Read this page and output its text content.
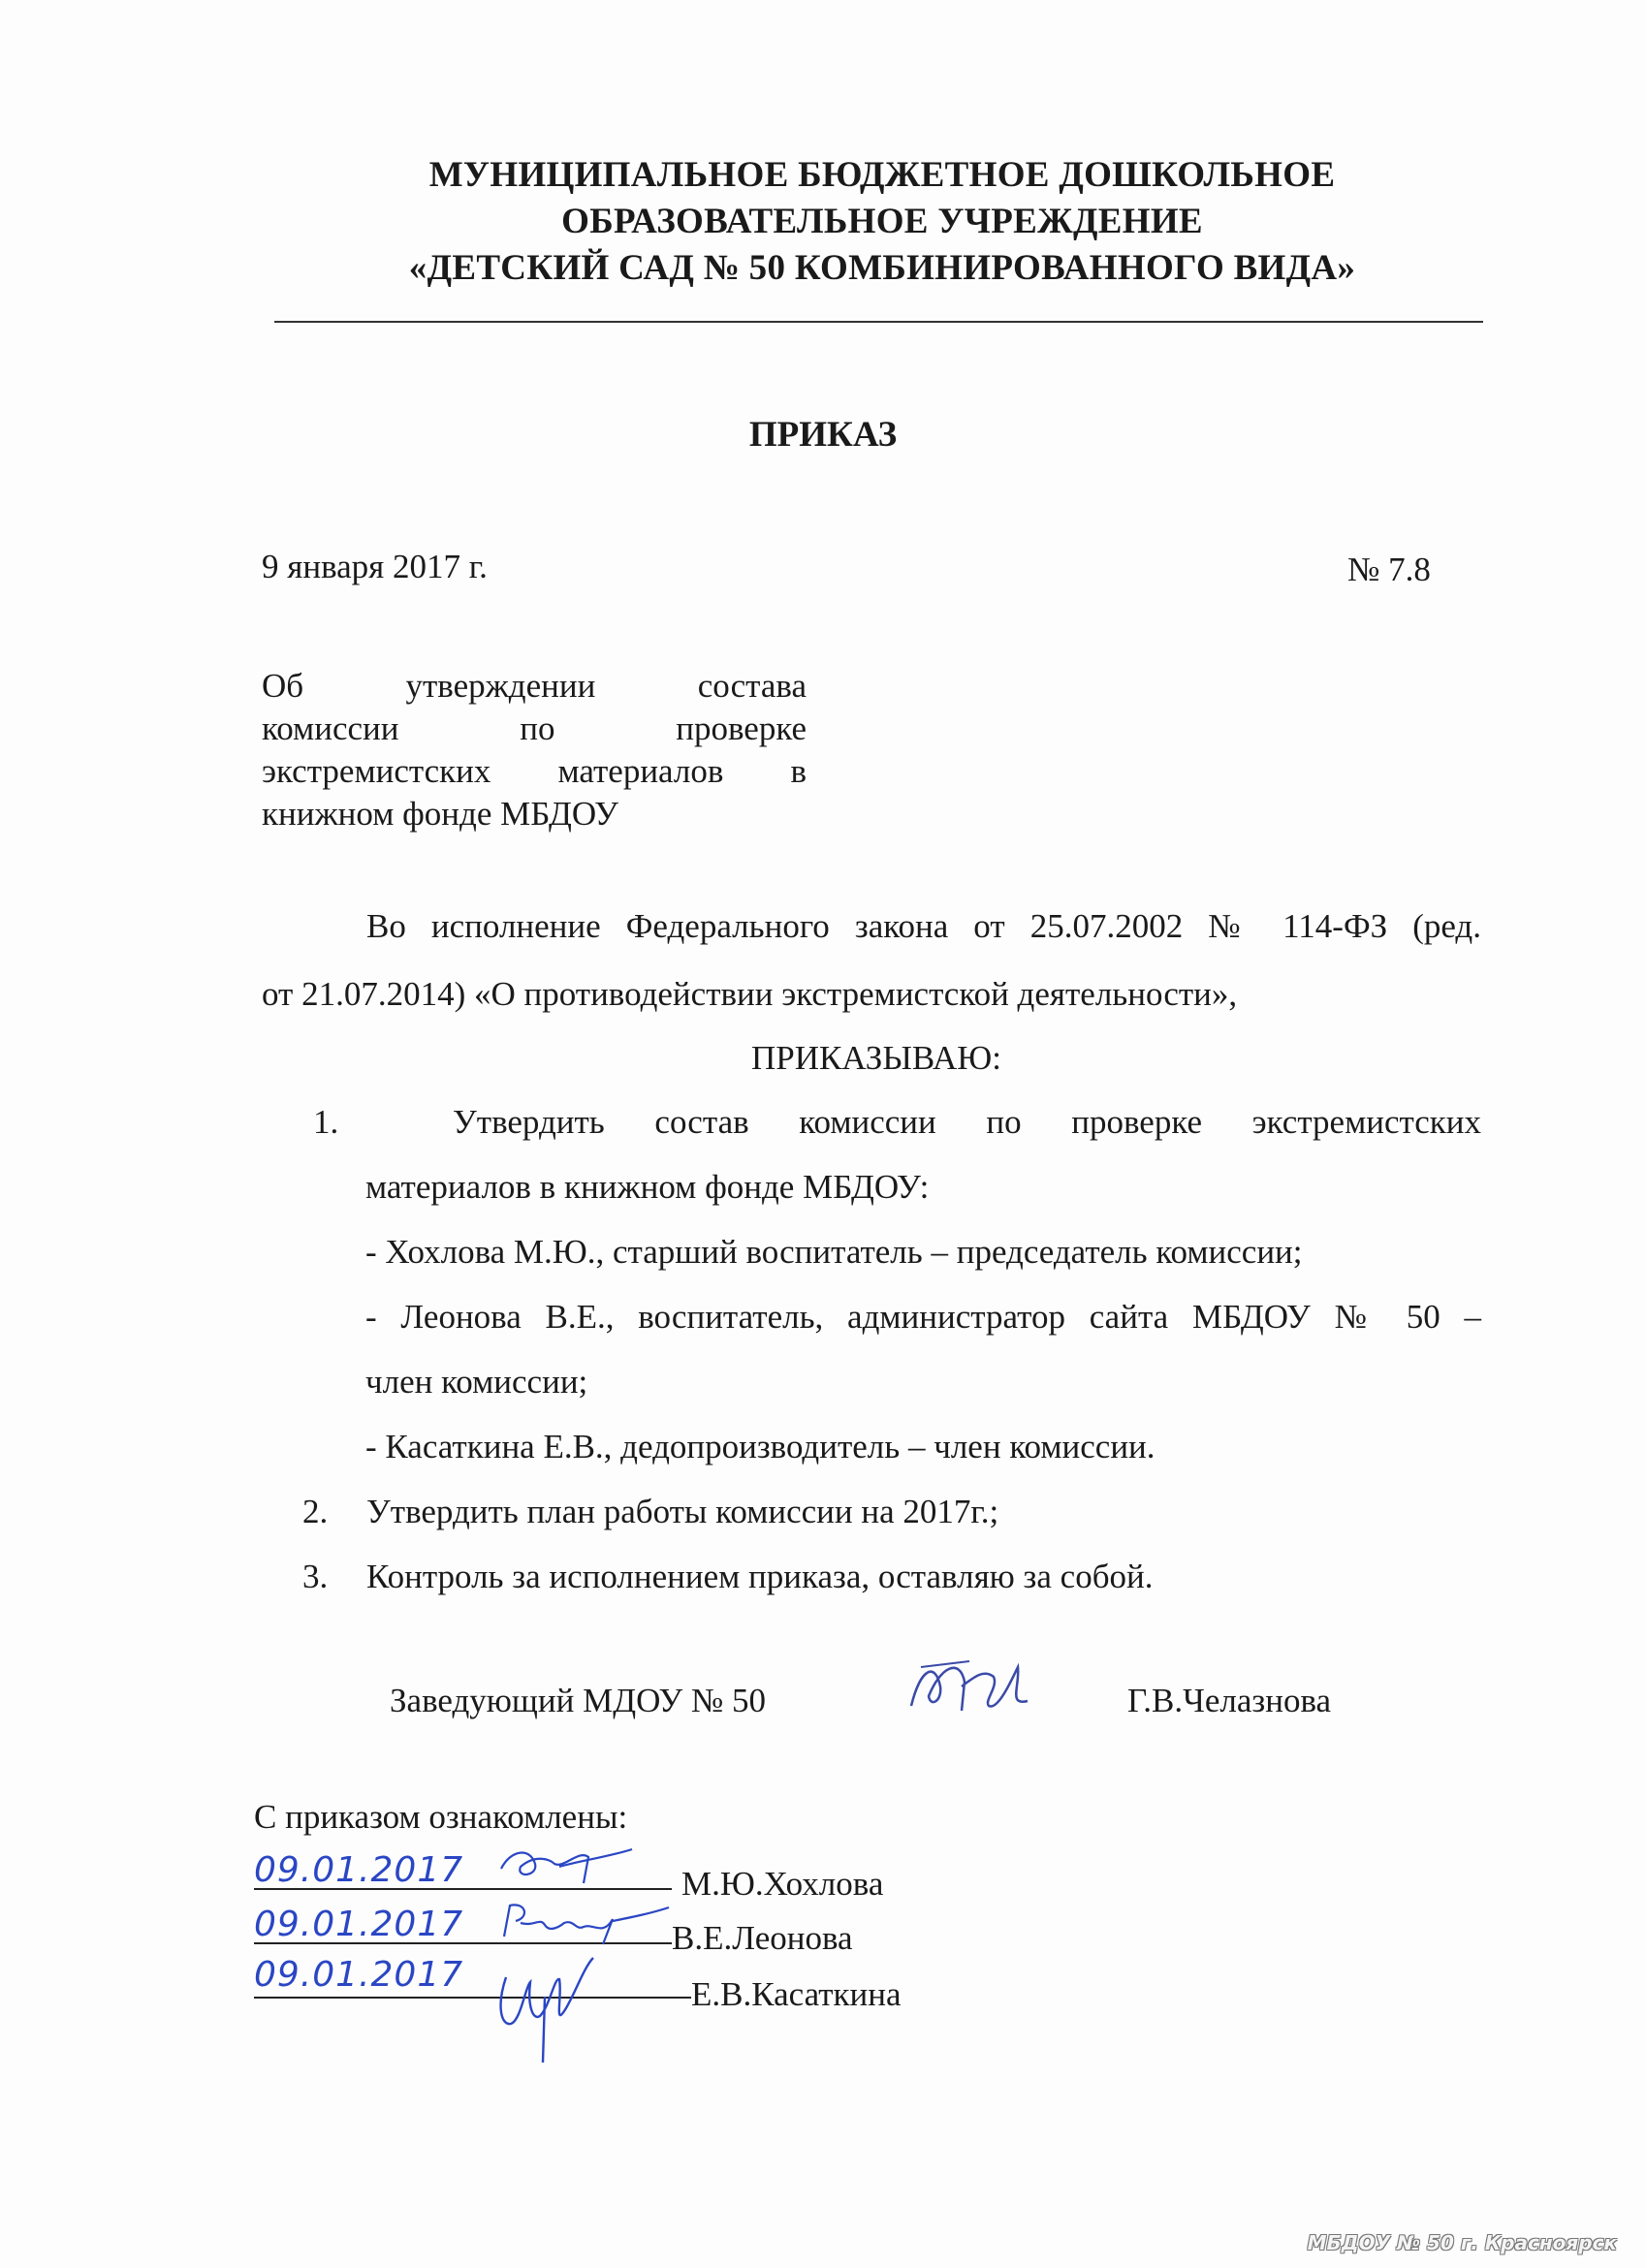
МУНИЦИПАЛЬНОЕ БЮДЖЕТНОЕ ДОШКОЛЬНОЕ
ОБРАЗОВАТЕЛЬНОЕ УЧРЕЖДЕНИЕ
«ДЕТСКИЙ САД № 50 КОМБИНИРОВАННОГО ВИДА»
ПРИКАЗ
9 января 2017 г.	№ 7.8
Об	утверждении	состава
комиссии	по	проверке
экстремистских материалов в
книжном фонде МБДОУ
Во исполнение Федерального закона от 25.07.2002 № 114-ФЗ (ред.
от 21.07.2014) «О противодействии экстремистской деятельности»,
ПРИКАЗЫВАЮ:
1.	Утвердить состав комиссии по проверке экстремистских
материалов в книжном фонде МБДОУ:
- Хохлова М.Ю., старший воспитатель – председатель комиссии;
- Леонова В.Е., воспитатель, администратор сайта МБДОУ № 50 –
член комиссии;
- Касаткина Е.В., дедопроизводитель – член комиссии.
2. Утвердить план работы комиссии на 2017г.;
3. Контроль за исполнением приказа, оставляю за собой.
Заведующий МДОУ № 50	Г.В.Челазнова
С приказом ознакомлены:
09.01.2017	М.Ю.Хохлова
09.01.2017	В.Е.Леонова
09.01.2017	Е.В.Касаткина
МБДОУ № 50 г. Красноярск
